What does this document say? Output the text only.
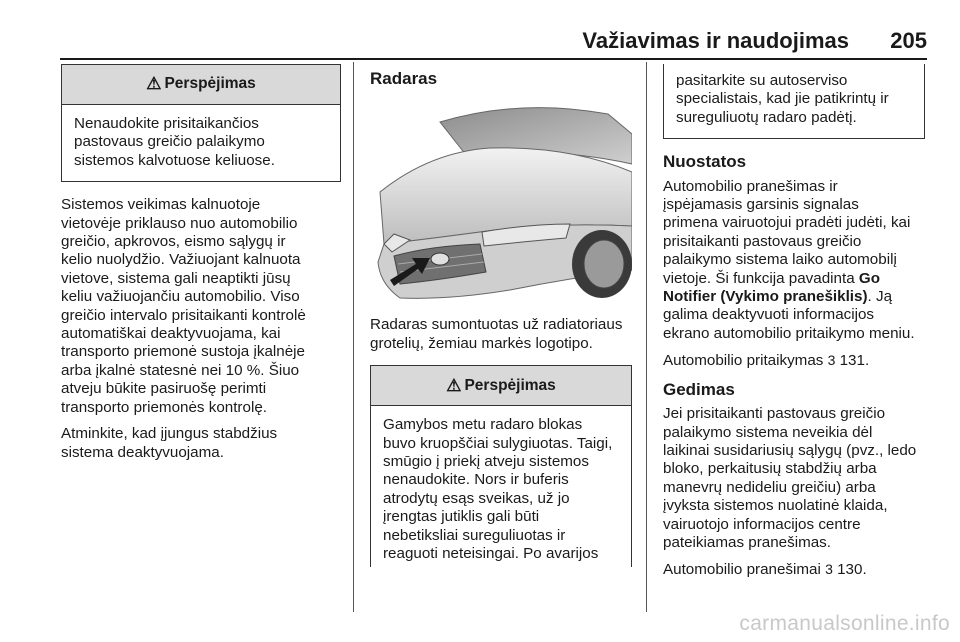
Važiavimas ir naudojimas 205
⚠ Perspėjimas
Nenaudokite prisitaikančios
pastovaus greičio palaikymo
sistemos kalvotuose keliuose.

Sistemos veikimas kalnuotoje
vietovėje priklauso nuo automobilio
greičio, apkrovos, eismo sąlygų ir
kelio nuolydžio. Važiuojant kalnuota
vietove, sistema gali neaptikti jūsų
keliu važiuojančiu automobilio. Viso
greičio intervalo prisitaikanti kontrolė
automatiškai deaktyvuojama, kai
transporto priemonė sustoja įkalnėje
arba įkalnė statesnė nei 10 %. Šiuo
atveju būkite pasiruošę perimti
transporto priemonės kontrolę.

Atminkite, kad įjungus stabdžius
sistema deaktyvuojama.

Radaras

Radaras sumontuotas už radiatoriaus
grotelių, žemiau markės logotipo.

⚠ Perspėjimas
Gamybos metu radaro blokas
buvo kruopščiai sulygiuotas. Taigi,
smūgio į priekį atveju sistemos
nenaudokite. Nors ir buferis
atrodytų esąs sveikas, už jo
įrengtas jutiklis gali būti
nebetiksliai sureguliuotas ir
reaguoti neteisingai. Po avarijos
pasitarkite su autoserviso
specialistais, kad jie patikrintų ir
sureguliuotų radaro padėtį.
Nuostatos

Automobilio pranešimas ir
įspėjamasis garsinis signalas
primena vairuotojui pradėti judėti, kai
prisitaikanti pastovaus greičio
palaikymo sistema laiko automobilį
vietoje. Ši funkcija pavadinta Go
Notifier (Vykimo pranešiklis). Ją
galima deaktyvuoti informacijos
ekrano automobilio pritaikymo meniu.

Automobilio pritaikymas 3 131.

Gedimas

Jei prisitaikanti pastovaus greičio
palaikymo sistema neveikia dėl
laikinai susidariusių sąlygų (pvz., ledo
bloko, perkaitusių stabdžių arba
manevrų nedideliu greičiu) arba
įvyksta sistemos nuolatinė klaida,
vairuotojo informacijos centre
pateikiamas pranešimas.

Automobilio pranešimai 3 130.

carmanualsonline.info
